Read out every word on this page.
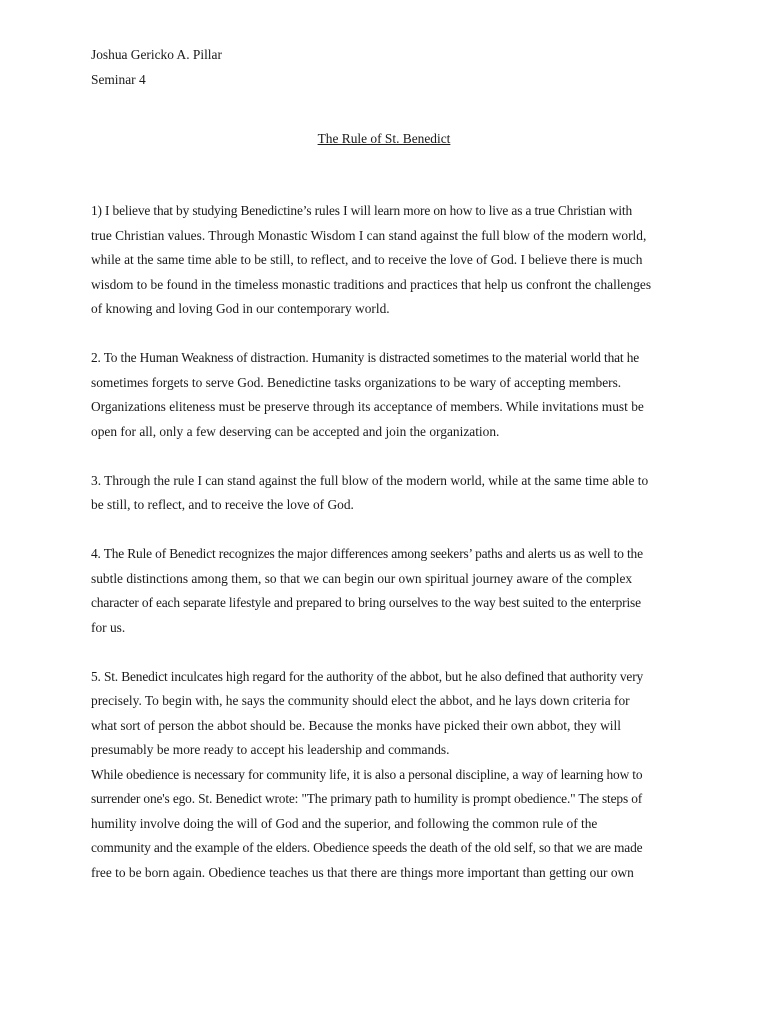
Joshua Gericko A. Pillar
Seminar 4
The Rule of St. Benedict
1) I believe that by studying Benedictine’s rules I will learn more on how to live as a true Christian with
true Christian values. Through Monastic Wisdom I can stand against the full blow of the modern world,
while at the same time able to be still, to reflect, and to receive the love of God. I believe there is much
wisdom to be found in the timeless monastic traditions and practices that help us confront the challenges
of knowing and loving God in our contemporary world.
2. To the Human Weakness of distraction. Humanity is distracted sometimes to the material world that he
sometimes forgets to serve God. Benedictine tasks organizations to be wary of accepting members.
Organizations eliteness must be preserve through its acceptance of members. While invitations must be
open for all, only a few deserving can be accepted and join the organization.
3. Through the rule I can stand against the full blow of the modern world, while at the same time able to
be still, to reflect, and to receive the love of God.
4. The Rule of Benedict recognizes the major differences among seekers’ paths and alerts us as well to the
subtle distinctions among them, so that we can begin our own spiritual journey aware of the complex
character of each separate lifestyle and prepared to bring ourselves to the way best suited to the enterprise
for us.
5. St. Benedict inculcates high regard for the authority of the abbot, but he also defined that authority very
precisely. To begin with, he says the community should elect the abbot, and he lays down criteria for
what sort of person the abbot should be. Because the monks have picked their own abbot, they will
presumably be more ready to accept his leadership and commands.
While obedience is necessary for community life, it is also a personal discipline, a way of learning how to
surrender one's ego. St. Benedict wrote: "The primary path to humility is prompt obedience." The steps of
humility involve doing the will of God and the superior, and following the common rule of the
community and the example of the elders. Obedience speeds the death of the old self, so that we are made
free to be born again. Obedience teaches us that there are things more important than getting our own
